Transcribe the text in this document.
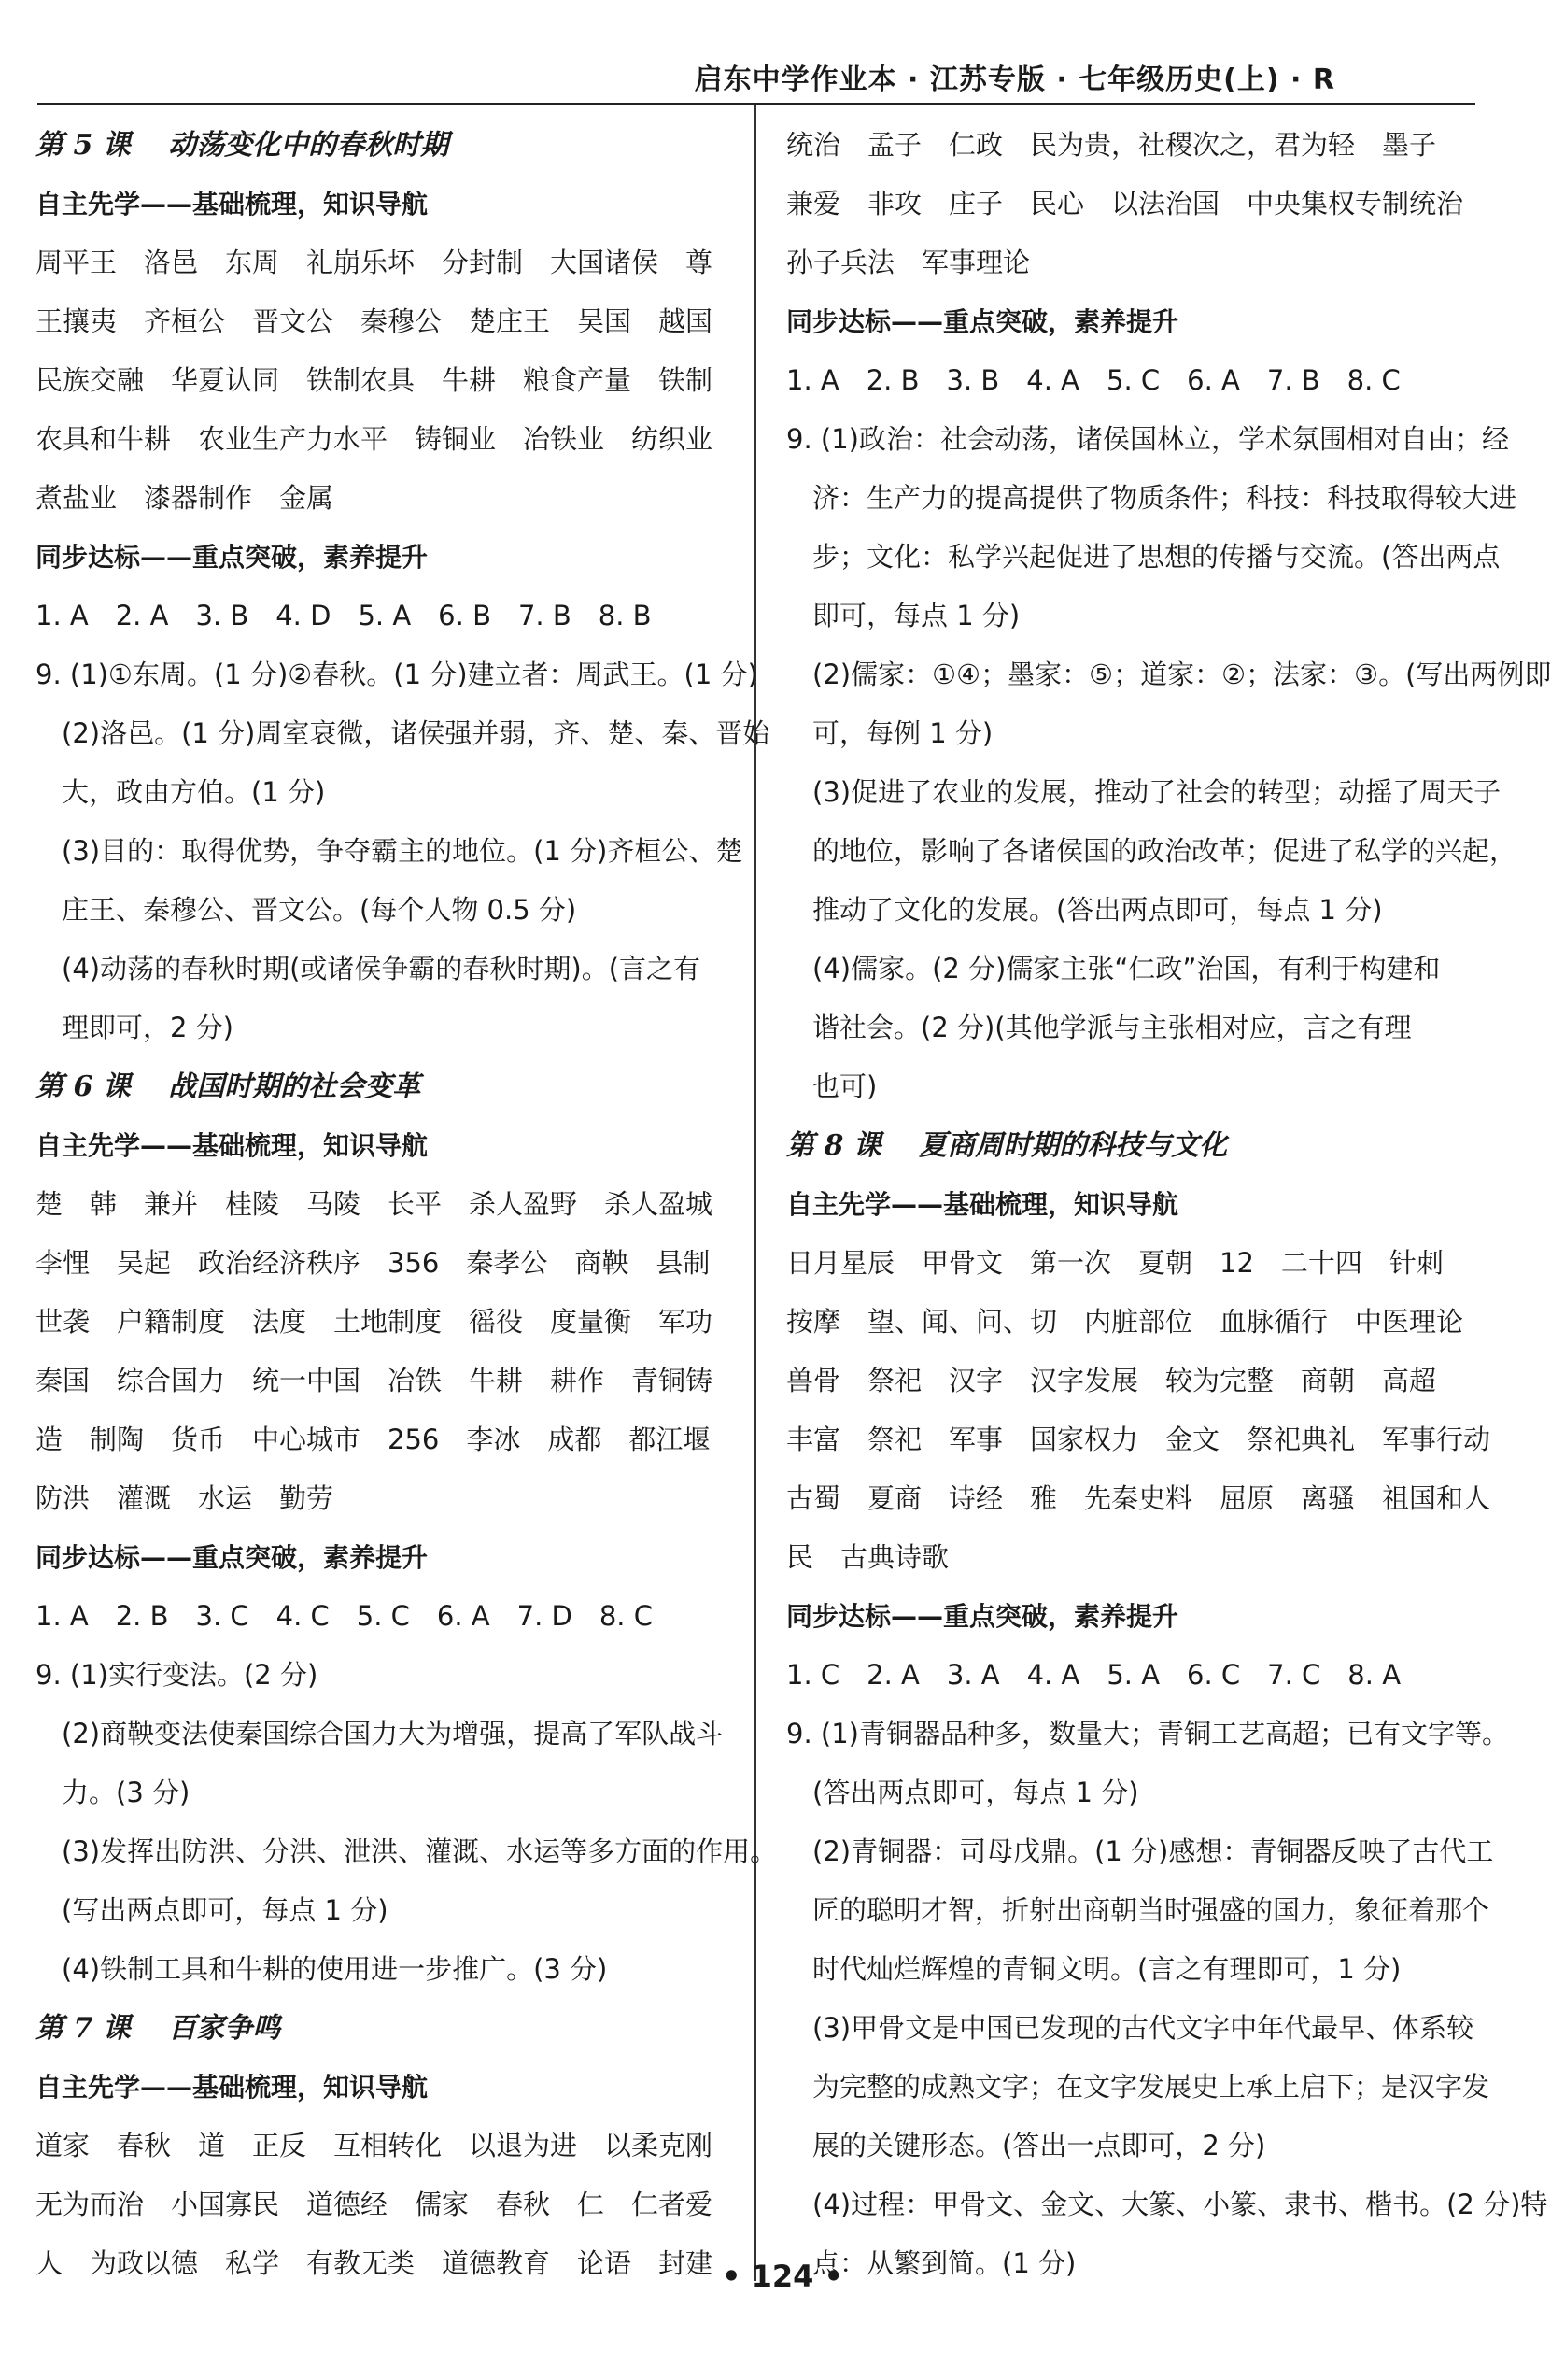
启东中学作业本 · 江苏专版 · 七年级历史(上) · R
第 5 课　 动荡变化中的春秋时期
自主先学——基础梳理，知识导航
周平王　洛邑　东周　礼崩乐坏　分封制　大国诸侯　尊
王攘夷　齐桓公　晋文公　秦穆公　楚庄王　吴国　越国
民族交融　华夏认同　铁制农具　牛耕　粮食产量　铁制
农具和牛耕　农业生产力水平　铸铜业　冶铁业　纺织业
煮盐业　漆器制作　金属
同步达标——重点突破，素养提升
1. A　2. A　3. B　4. D　5. A　6. B　7. B　8. B
9. (1)①东周。(1 分)②春秋。(1 分)建立者：周武王。(1 分)
(2)洛邑。(1 分)周室衰微，诸侯强并弱，齐、楚、秦、晋始
大，政由方伯。(1 分)
(3)目的：取得优势，争夺霸主的地位。(1 分)齐桓公、楚
庄王、秦穆公、晋文公。(每个人物 0.5 分)
(4)动荡的春秋时期(或诸侯争霸的春秋时期)。(言之有
理即可，2 分)
第 6 课　 战国时期的社会变革
自主先学——基础梳理，知识导航
楚　韩　兼并　桂陵　马陵　长平　杀人盈野　杀人盈城
李悝　吴起　政治经济秩序　356　秦孝公　商鞅　县制
世袭　户籍制度　法度　土地制度　徭役　度量衡　军功
秦国　综合国力　统一中国　冶铁　牛耕　耕作　青铜铸
造　制陶　货币　中心城市　256　李冰　成都　都江堰
防洪　灌溉　水运　勤劳
同步达标——重点突破，素养提升
1. A　2. B　3. C　4. C　5. C　6. A　7. D　8. C
9. (1)实行变法。(2 分)
(2)商鞅变法使秦国综合国力大为增强，提高了军队战斗
力。(3 分)
(3)发挥出防洪、分洪、泄洪、灌溉、水运等多方面的作用。
(写出两点即可，每点 1 分)
(4)铁制工具和牛耕的使用进一步推广。(3 分)
第 7 课　 百家争鸣
自主先学——基础梳理，知识导航
道家　春秋　道　正反　互相转化　以退为进　以柔克刚
无为而治　小国寡民　道德经　儒家　春秋　仁　仁者爱
人　为政以德　私学　有教无类　道德教育　论语　封建
统治　孟子　仁政　民为贵，社稷次之，君为轻　墨子
兼爱　非攻　庄子　民心　以法治国　中央集权专制统治
孙子兵法　军事理论
同步达标——重点突破，素养提升
1. A　2. B　3. B　4. A　5. C　6. A　7. B　8. C
9. (1)政治：社会动荡，诸侯国林立，学术氛围相对自由；经
济：生产力的提高提供了物质条件；科技：科技取得较大进
步；文化：私学兴起促进了思想的传播与交流。(答出两点
即可，每点 1 分)
(2)儒家：①④；墨家：⑤；道家：②；法家：③。(写出两例即
可，每例 1 分)
(3)促进了农业的发展，推动了社会的转型；动摇了周天子
的地位，影响了各诸侯国的政治改革；促进了私学的兴起，
推动了文化的发展。(答出两点即可，每点 1 分)
(4)儒家。(2 分)儒家主张“仁政”治国，有利于构建和
谐社会。(2 分)(其他学派与主张相对应，言之有理
也可)
第 8 课　 夏商周时期的科技与文化
自主先学——基础梳理，知识导航
日月星辰　甲骨文　第一次　夏朝　12　二十四　针刺
按摩　望、闻、问、切　内脏部位　血脉循行　中医理论
兽骨　祭祀　汉字　汉字发展　较为完整　商朝　高超
丰富　祭祀　军事　国家权力　金文　祭祀典礼　军事行动
古蜀　夏商　诗经　雅　先秦史料　屈原　离骚　祖国和人
民　古典诗歌
同步达标——重点突破，素养提升
1. C　2. A　3. A　4. A　5. A　6. C　7. C　8. A
9. (1)青铜器品种多，数量大；青铜工艺高超；已有文字等。
(答出两点即可，每点 1 分)
(2)青铜器：司母戊鼎。(1 分)感想：青铜器反映了古代工
匠的聪明才智，折射出商朝当时强盛的国力，象征着那个
时代灿烂辉煌的青铜文明。(言之有理即可，1 分)
(3)甲骨文是中国已发现的古代文字中年代最早、体系较
为完整的成熟文字；在文字发展史上承上启下；是汉字发
展的关键形态。(答出一点即可，2 分)
(4)过程：甲骨文、金文、大篆、小篆、隶书、楷书。(2 分)特
点：从繁到简。(1 分)
• 124 •
